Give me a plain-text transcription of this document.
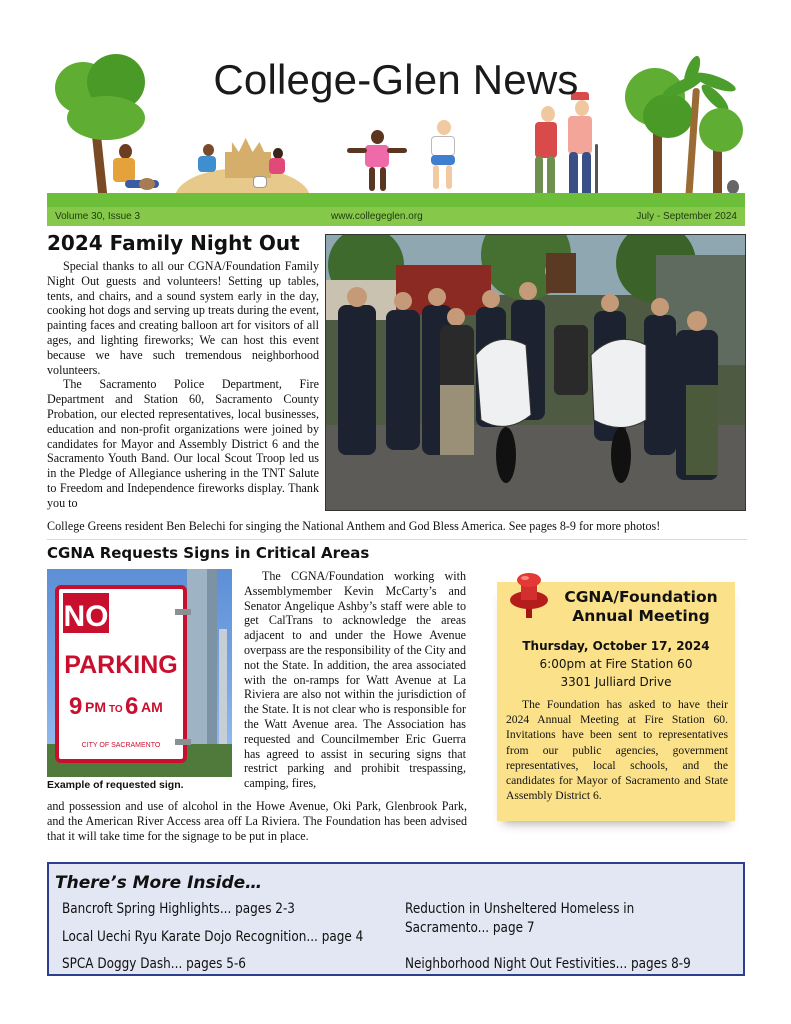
College-Glen News
Volume 30, Issue 3	www.collegeglen.org	July - September 2024
2024 Family Night Out

Special thanks to all our CGNA/Foundation Family Night Out guests and volunteers! Setting up tables, tents, and chairs, and a sound system early in the day, cooking hot dogs and serving up treats during the event, painting faces and creating balloon art for visitors of all ages, and lighting fireworks; We can host this event because we have such tremendous neighborhood volunteers.

The Sacramento Police Department, Fire Department and Station 60, Sacramento County Probation, our elected representatives, local businesses, education and non-profit organizations were joined by candidates for Mayor and Assembly District 6 and the Sacramento Youth Band. Our local Scout Troop led us in the Pledge of Allegiance ushering in the TNT Salute to Freedom and Independence fireworks display. Thank you to

College Greens resident Ben Belechi for singing the National Anthem and God Bless America. See pages 8-9 for more photos!

CGNA Requests Signs in Critical Areas
NO
PARKING
9 PM TO 6 AM
CITY OF SACRAMENTO
Example of requested sign.

The CGNA/Foundation working with Assemblymember Kevin McCarty’s and Senator Angelique Ashby’s staff were able to get CalTrans to acknowledge the areas adjacent to and under the Howe Avenue overpass are the responsibility of the City and not the State. In addition, the area associated with the on-ramps for Watt Avenue at La Riviera are also not within the jurisdiction of the State. It is not clear who is responsible for the Watt Avenue area. The Association has requested and Councilmember Eric Guerra has agreed to assist in securing signs that restrict parking and prohibit trespassing, camping, fires,

and possession and use of alcohol in the Howe Avenue, Oki Park, Glenbrook Park, and the American River Access area off La Riviera. The Foundation has been advised that it will take time for the signage to be put in place.

CGNA/Foundation Annual Meeting
Thursday, October 17, 2024
6:00pm at Fire Station 60
3301 Julliard Drive

The Foundation has asked to have their 2024 Annual Meeting at Fire Station 60. Invitations have been sent to representatives from our public agencies, government representatives, local schools, and the candidates for Mayor of Sacramento and State Assembly District 6.

There’s More Inside…
Bancroft Spring Highlights... pages 2-3
Local Uechi Ryu Karate Dojo Recognition... page 4
SPCA Doggy Dash... pages 5-6
Reduction in Unsheltered Homeless in Sacramento... page 7
Neighborhood Night Out Festivities... pages 8-9
